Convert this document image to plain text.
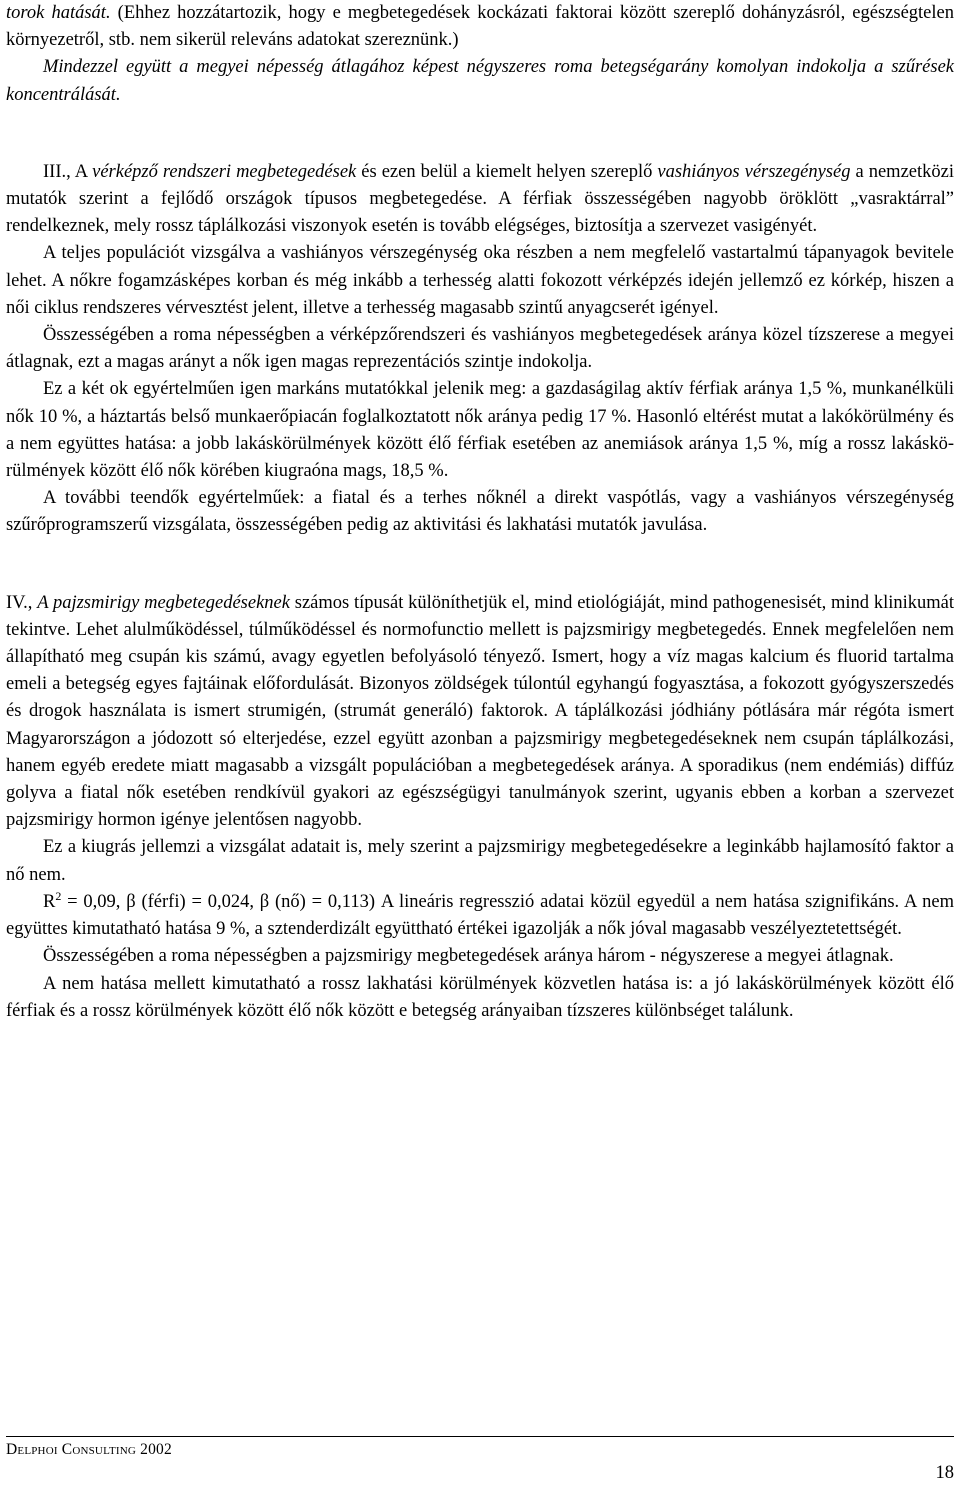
torok hatását. (Ehhez hozzátartozik, hogy e megbetegedések kockázati faktorai között szereplő dohányzásról, egészségtelen környezetről, stb. nem sikerül releváns adatokat szereznünk.)

Mindezzel együtt a megyei népesség átlagához képest négyszeres roma betegségarány komolyan indokolja a szűrések koncentrálását.

III., A vérképző rendszeri megbetegedések és ezen belül a kiemelt helyen szereplő vashiányos vérszegénység a nemzetközi mutatók szerint a fejlődő országok típusos megbetegedése. A férfiak összességében nagyobb öröklött „vasraktárral” rendelkeznek, mely rossz táplálkozási viszonyok esetén is tovább elégséges, biztosítja a szervezet vasigényét.

A teljes populációt vizsgálva a vashiányos vérszegénység oka részben a nem megfelelő vastartalmú tápanyagok bevitele lehet. A nőkre fogamzásképes korban és még inkább a terhesség alatti fokozott vérképzés idején jellemző ez kórkép, hiszen a női ciklus rendszeres vérvesztést jelent, illetve a terhesség magasabb szintű anyagcserét igényel.

Összességében a roma népességben a vérképzőrendszeri és vashiányos megbetegedések aránya közel tízszerese a megyei átlagnak, ezt a magas arányt a nők igen magas reprezentációs szintje indokolja.

Ez a két ok egyértelműen igen markáns mutatókkal jelenik meg: a gazdaságilag aktív férfiak aránya 1,5 %, munkanélküli nők 10 %, a háztartás belső munkaerőpiacán foglalkoztatott nők aránya pedig 17 %. Hasonló eltérést mutat a lakókörülmény és a nem együttes hatása: a jobb lakáskörülmények között élő férfiak esetében az anemiások aránya 1,5 %, míg a rossz lakáskörülmények között élő nők körében kiugraóna mags, 18,5 %.

A további teendők egyértelműek: a fiatal és a terhes nőknél a direkt vaspótlás, vagy a vashiányos vérszegénység szűrőprogramszerű vizsgálata, összességében pedig az aktivitási és lakhatási mutatók javulása.

IV., A pajzsmirigy megbetegedéseknek számos típusát különíthetjük el, mind etiológiáját, mind pathogenesisét, mind klinikumát tekintve. Lehet alulműködéssel, túlműködéssel és normofunctio mellett is pajzsmirigy megbetegedés. Ennek megfelelően nem állapítható meg csupán kis számú, avagy egyetlen befolyásoló tényező. Ismert, hogy a víz magas kalcium és fluorid tartalma emeli a betegség egyes fajtáinak előfordulását. Bizonyos zöldségek túlontúl egyhangú fogyasztása, a fokozott gyógyszerszedés és drogok használata is ismert strumigén, (strumát generáló) faktorok. A táplálkozási jódhiány pótlására már régóta ismert Magyarországon a jódozott só elterjedése, ezzel együtt azonban a pajzsmirigy megbetegedéseknek nem csupán táplálkozási, hanem egyéb eredete miatt magasabb a vizsgált populációban a megbetegedések aránya. A sporadikus (nem endémiás) diffúz golyva a fiatal nők esetében rendkívül gyakori az egészségügyi tanulmányok szerint, ugyanis ebben a korban a szervezet pajzsmirigy hormon igénye jelentősen nagyobb.

Ez a kiugrás jellemzi a vizsgálat adatait is, mely szerint a pajzsmirigy megbetegedésekre a leginkább hajlamosító faktor a nő nem.

$R^2 = 0,09$, β (férfi) = 0,024, β (nő) = 0,113) A lineáris regresszió adatai közül egyedül a nem hatása szignifikáns. A nem együttes kimutatható hatása 9 %, a sztenderdizált együttható értékei igazolják a nők jóval magasabb veszélyeztetettségét.

Összességében a roma népességben a pajzsmirigy megbetegedések aránya három - négyszerese a megyei átlagnak.

A nem hatása mellett kimutatható a rossz lakhatási körülmények közvetlen hatása is: a jó lakáskörülmények között élő férfiak és a rossz körülmények között élő nők között e betegség arányaiban tízszeres különbséget találunk.

Delphoi Consulting 2002
18
